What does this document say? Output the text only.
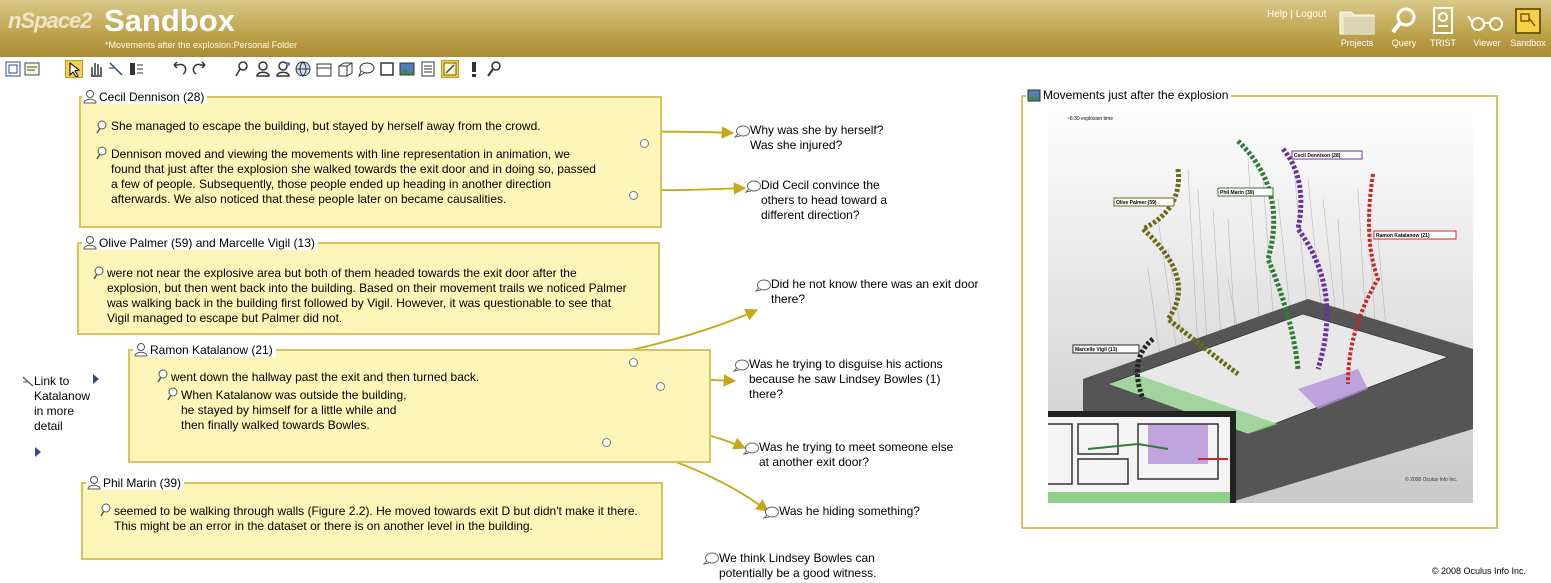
nSpace2 Sandbox
*Movements after the explosion:Personal Folder
Help | Logout
Projects Query TRIST Viewer Sandbox
She managed to escape the building, but stayed by herself away from the crowd.
Dennison moved and viewing the movements with line representation in animation, we found that just after the explosion she walked towards the exit door and in doing so, passed a few of people. Subsequently, those people ended up heading in another direction afterwards. We also noticed that these people later on became causalities.
Cecil Dennison (28)
were not near the explosive area but both of them headed towards the exit door after the explosion, but then went back into the building. Based on their movement trails we noticed Palmer was walking back in the building first followed by Vigil. However, it was questionable to see that Vigil managed to escape but Palmer did not.
Olive Palmer (59) and Marcelle Vigil (13)
went down the hallway past the exit and then turned back.
When Katalanow was outside the building, he stayed by himself for a little while and then finally walked towards Bowles.
Ramon Katalanow (21)
seemed to be walking through walls (Figure 2.2). He moved towards exit D but didn't make it there. This might be an error in the dataset or there is on another level in the building.
Phil Marin (39)
Link to Katalanow in more detail
Why was she by herself? Was she injured?
Did Cecil convince the others to head toward a different direction?
Did he not know there was an exit door there?
Was he trying to disguise his actions because he saw Lindsey Bowles (1) there?
Was he trying to meet someone else at another exit door?
Was he hiding something?
We think Lindsey Bowles can potentially be a good witness.
~6:30 explosion time
Cecil Dennison (28)
Phil Marin (39)
Olive Palmer (59)
Ramon Katalanow (21)
Marcelle Vigil (13)
© 2008 Oculus Info Inc.
Movements just after the explosion
© 2008 Oculus Info Inc.
